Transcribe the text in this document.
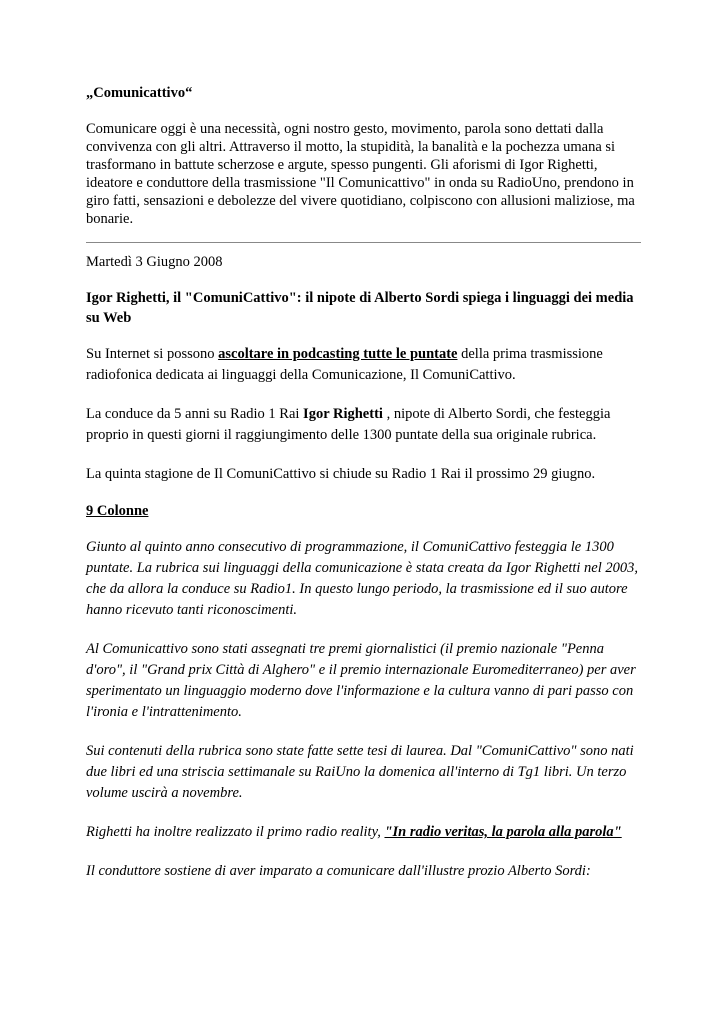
„Comunicattivo“

Comunicare oggi è una necessità, ogni nostro gesto, movimento, parola sono dettati dalla convivenza con gli altri. Attraverso il motto, la stupidità, la banalità e la pochezza umana si trasformano in battute scherzose e argute, spesso pungenti. Gli aforismi di Igor Righetti, ideatore e conduttore della trasmissione "Il Comunicattivo" in onda su RadioUno, prendono in giro fatti, sensazioni e debolezze del vivere quotidiano, colpiscono con allusioni maliziose, ma bonarie.

Martedì 3 Giugno 2008

Igor Righetti, il "ComuniCattivo": il nipote di Alberto Sordi spiega i linguaggi dei media su Web

Su Internet si possono ascoltare in podcasting tutte le puntate della prima trasmissione radiofonica dedicata ai linguaggi della Comunicazione, Il ComuniCattivo.

La conduce da 5 anni su Radio 1 Rai Igor Righetti , nipote di Alberto Sordi, che festeggia proprio in questi giorni il raggiungimento delle 1300 puntate della sua originale rubrica.

La quinta stagione de Il ComuniCattivo si chiude su Radio 1 Rai il prossimo 29 giugno.

9 Colonne

Giunto al quinto anno consecutivo di programmazione, il ComuniCattivo festeggia le 1300 puntate. La rubrica sui linguaggi della comunicazione è stata creata da Igor Righetti nel 2003, che da allora la conduce su Radio1. In questo lungo periodo, la trasmissione ed il suo autore hanno ricevuto tanti riconoscimenti.

Al Comunicattivo sono stati assegnati tre premi giornalistici (il premio nazionale "Penna d'oro", il "Grand prix Città di Alghero" e il premio internazionale Euromediterraneo) per aver sperimentato un linguaggio moderno dove l'informazione e la cultura vanno di pari passo con l'ironia e l'intrattenimento.

Sui contenuti della rubrica sono state fatte sette tesi di laurea. Dal "ComuniCattivo" sono nati due libri ed una striscia settimanale su RaiUno la domenica all'interno di Tg1 libri. Un terzo volume uscirà a novembre.

Righetti ha inoltre realizzato il primo radio reality, "In radio veritas, la parola alla parola"

Il conduttore sostiene di aver imparato a comunicare dall'illustre prozio Alberto Sordi:
